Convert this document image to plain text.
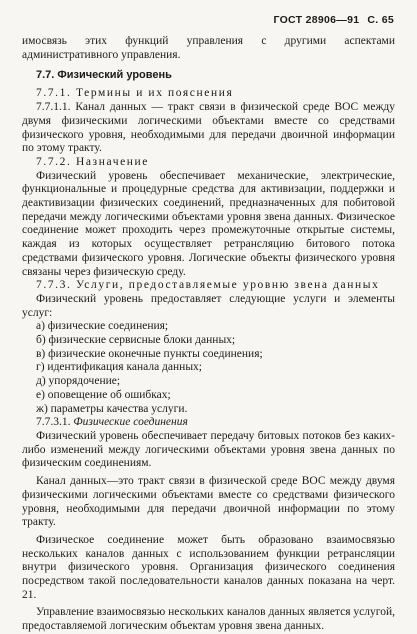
ГОСТ 28906—91 С. 65

имосвязь этих функций управления с другими аспектами административного управления.

7.7. Физический уровень

7.7.1. Термины и их пояснения

7.7.1.1. Канал данных — тракт связи в физической среде ВОС между двумя физическими логическими объектами вместе со средствами физического уровня, необходимыми для передачи двоичной информации по этому тракту.

7.7.2. Назначение

Физический уровень обеспечивает механические, электрические, функциональные и процедурные средства для активизации, поддержки и деактивизации физических соединений, предназначенных для побитовой передачи между логическими объектами уровня звена данных. Физическое соединение может проходить через промежуточные открытые системы, каждая из которых осуществляет ретрансляцию битового потока средствами физического уровня. Логические объекты физического уровня связаны через физическую среду.

7.7.3. Услуги, предоставляемые уровню звена данных

Физический уровень предоставляет следующие услуги и элементы услуг:

а) физические соединения;
б) физические сервисные блоки данных;
в) физические оконечные пункты соединения;
г) идентификация канала данных;
д) упорядочение;
е) оповещение об ошибках;
ж) параметры качества услуги.

7.7.3.1. Физические соединения

Физический уровень обеспечивает передачу битовых потоков без каких-либо изменений между логическими объектами уровня звена данных по физическим соединениям.

Канал данных—это тракт связи в физической среде ВОС между двумя физическими логическими объектами вместе со средствами физического уровня, необходимыми для передачи двоичной информации по этому тракту.

Физическое соединение может быть образовано взаимосвязью нескольких каналов данных с использованием функции ретрансляции внутри физического уровня. Организация физического соединения посредством такой последовательности каналов данных показана на черт. 21.

Управление взаимосвязью нескольких каналов данных является услугой, предоставляемой логическим объектам уровня звена данных.
